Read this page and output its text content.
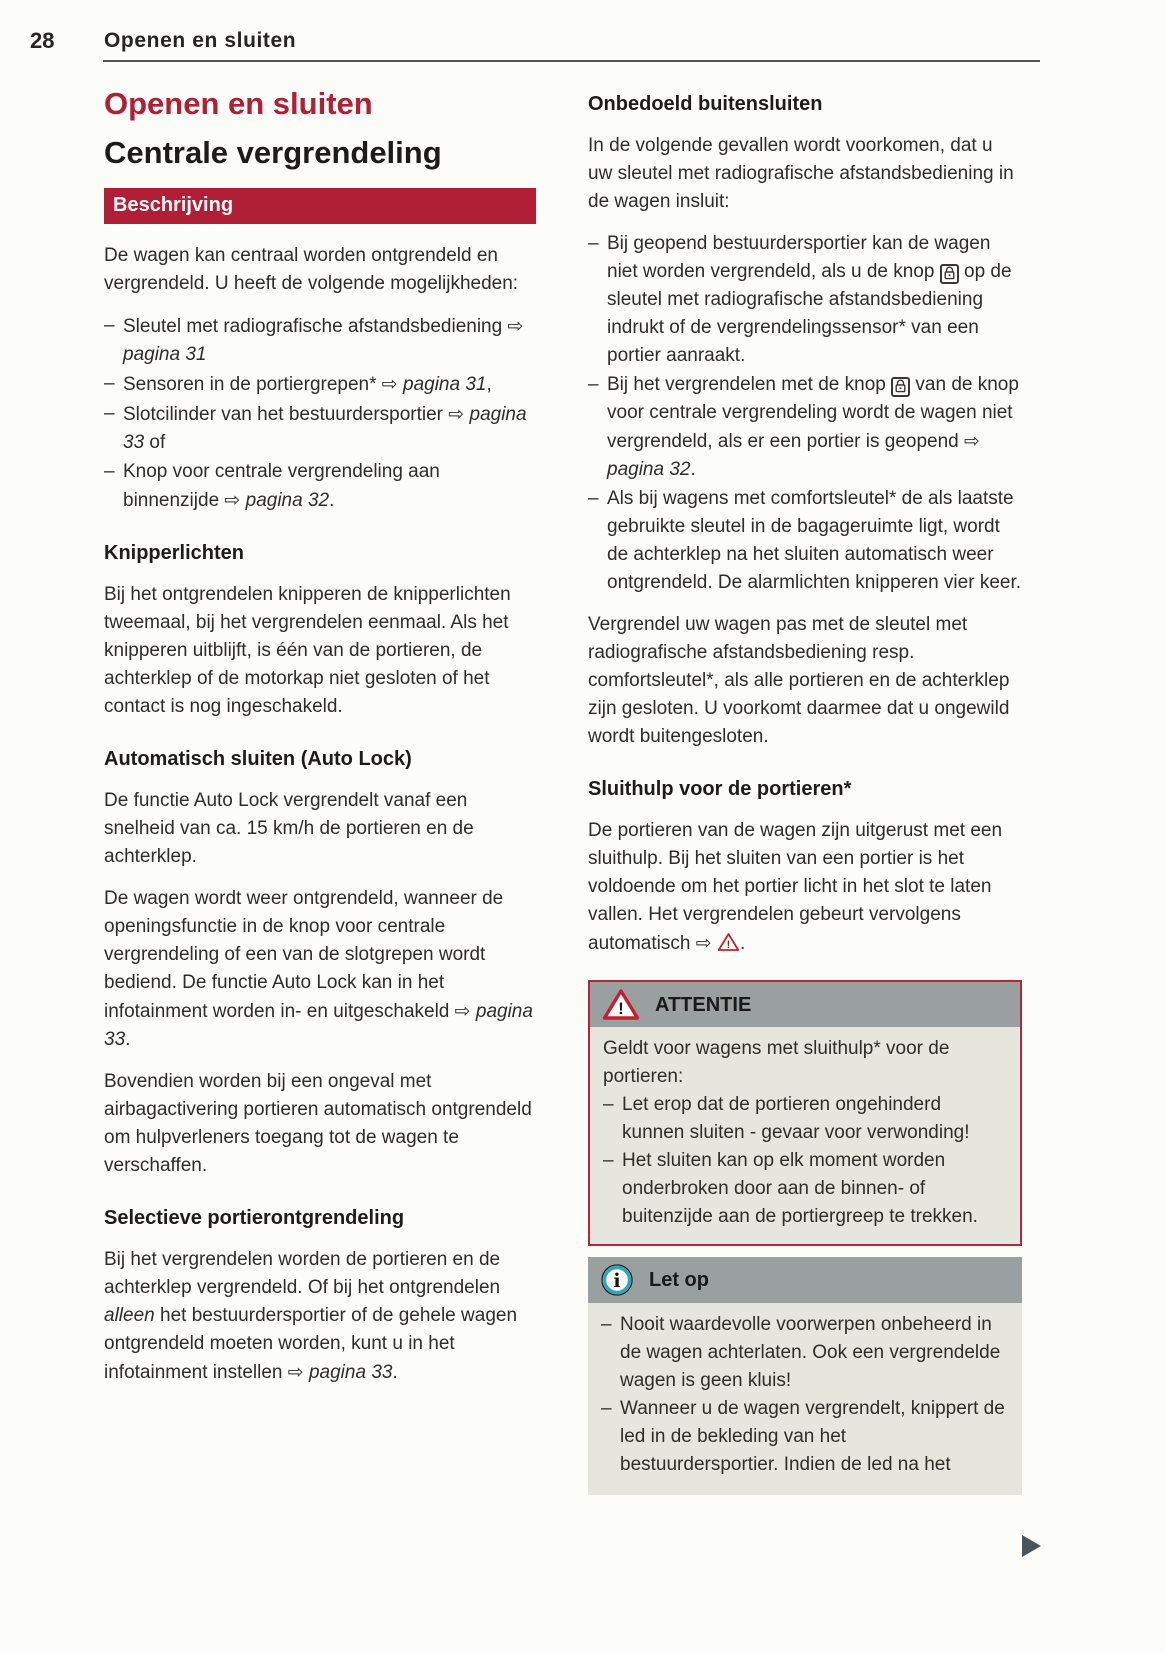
28 Openen en sluiten
Openen en sluiten
Centrale vergrendeling
Beschrijving

De wagen kan centraal worden ontgrendeld en vergrendeld. U heeft de volgende mogelijkheden:

– Sleutel met radiografische afstandsbediening ⇨ pagina 31
– Sensoren in de portiergrepen* ⇨ pagina 31,
– Slotcilinder van het bestuurdersportier ⇨ pagina 33 of
– Knop voor centrale vergrendeling aan binnenzijde ⇨ pagina 32.
Knipperlichten

Bij het ontgrendelen knipperen de knipperlichten tweemaal, bij het vergrendelen eenmaal. Als het knipperen uitblijft, is één van de portieren, de achterklep of de motorkap niet gesloten of het contact is nog ingeschakeld.

Automatisch sluiten (Auto Lock)

De functie Auto Lock vergrendelt vanaf een snelheid van ca. 15 km/h de portieren en de achterklep.

De wagen wordt weer ontgrendeld, wanneer de openingsfunctie in de knop voor centrale vergrendeling of een van de slotgrepen wordt bediend. De functie Auto Lock kan in het infotainment worden in- en uitgeschakeld ⇨ pagina 33.

Bovendien worden bij een ongeval met airbagactivering portieren automatisch ontgrendeld om hulpverleners toegang tot de wagen te verschaffen.

Selectieve portierontgrendeling

Bij het vergrendelen worden de portieren en de achterklep vergrendeld. Of bij het ontgrendelen alleen het bestuurdersportier of de gehele wagen ontgrendeld moeten worden, kunt u in het infotainment instellen ⇨ pagina 33.

Onbedoeld buitensluiten

In de volgende gevallen wordt voorkomen, dat u uw sleutel met radiografische afstandsbediening in de wagen insluit:

– Bij geopend bestuurdersportier kan de wagen niet worden vergrendeld, als u de knop op de sleutel met radiografische afstandsbediening indrukt of de vergrendelingssensor* van een portier aanraakt.
– Bij het vergrendelen met de knop van de knop voor centrale vergrendeling wordt de wagen niet vergrendeld, als er een portier is geopend ⇨ pagina 32.
– Als bij wagens met comfortsleutel* de als laatste gebruikte sleutel in de bagageruimte ligt, wordt de achterklep na het sluiten automatisch weer ontgrendeld. De alarmlichten knipperen vier keer.

Vergrendel uw wagen pas met de sleutel met radiografische afstandsbediening resp. comfortsleutel*, als alle portieren en de achterklep zijn gesloten. U voorkomt daarmee dat u ongewild wordt buitengesloten.

Sluithulp voor de portieren*

De portieren van de wagen zijn uitgerust met een sluithulp. Bij het sluiten van een portier is het voldoende om het portier licht in het slot te laten vallen. Het vergrendelen gebeurt vervolgens automatisch ⇨ ! .

! ATTENTIE
Geldt voor wagens met sluithulp* voor de portieren:
– Let erop dat de portieren ongehinderd kunnen sluiten - gevaar voor verwonding!
– Het sluiten kan op elk moment worden onderbroken door aan de binnen- of buitenzijde aan de portiergreep te trekken.
i Let op
– Nooit waardevolle voorwerpen onbeheerd in de wagen achterlaten. Ook een vergrendelde wagen is geen kluis!
– Wanneer u de wagen vergrendelt, knippert de led in de bekleding van het bestuurdersportier. Indien de led na het
